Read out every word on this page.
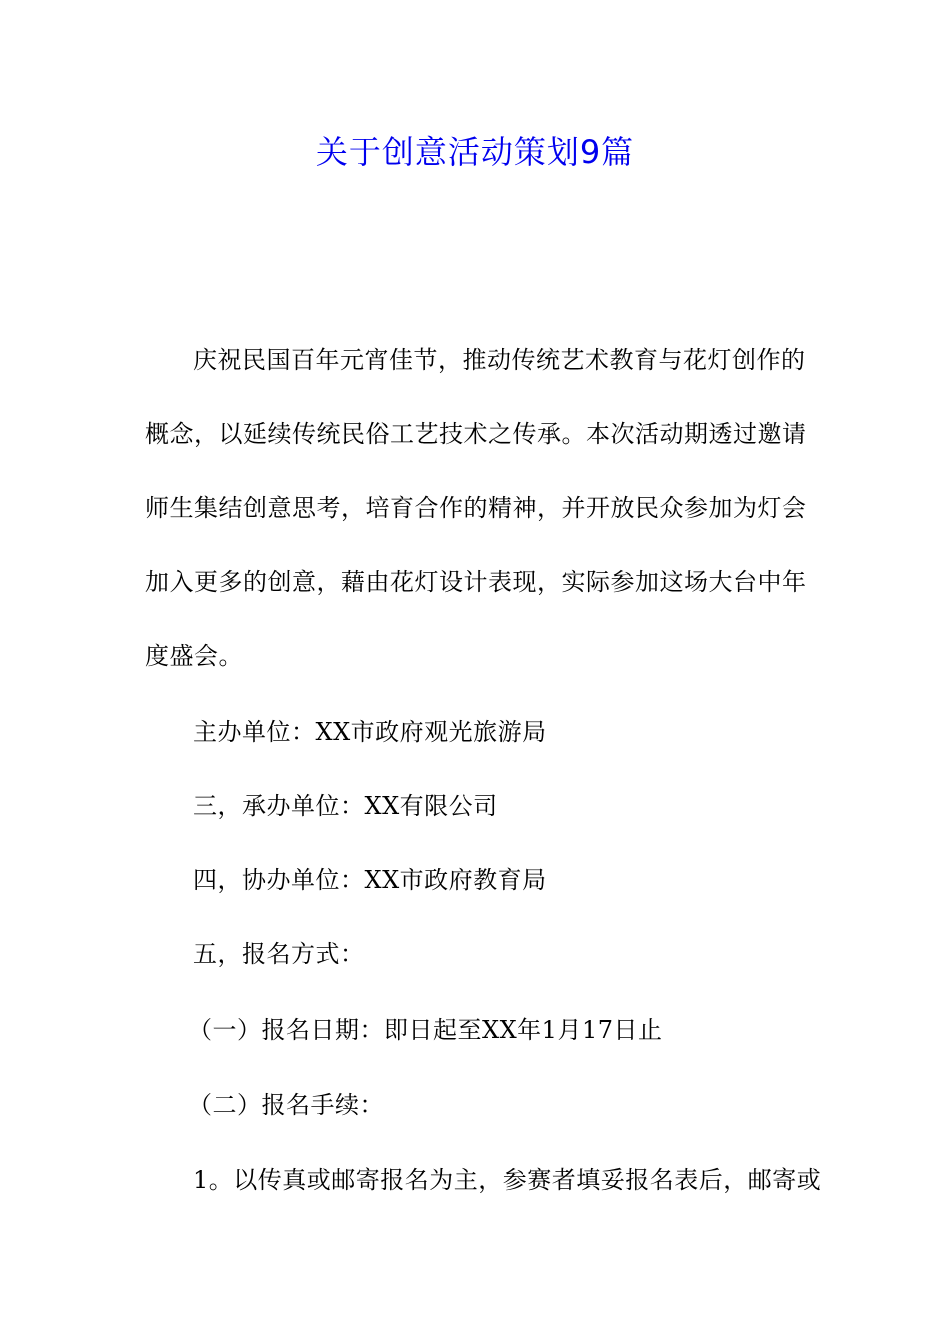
关于创意活动策划9篇
庆祝民国百年元宵佳节，推动传统艺术教育与花灯创作的概念，以延续传统民俗工艺技术之传承。本次活动期透过邀请师生集结创意思考，培育合作的精神，并开放民众参加为灯会加入更多的创意，藉由花灯设计表现，实际参加这场大台中年度盛会。
主办单位：XX市政府观光旅游局
三，承办单位：XX有限公司
四，协办单位：XX市政府教育局
五，报名方式：
（一）报名日期：即日起至XX年1月17日止
（二）报名手续：
1。以传真或邮寄报名为主，参赛者填妥报名表后，邮寄或
